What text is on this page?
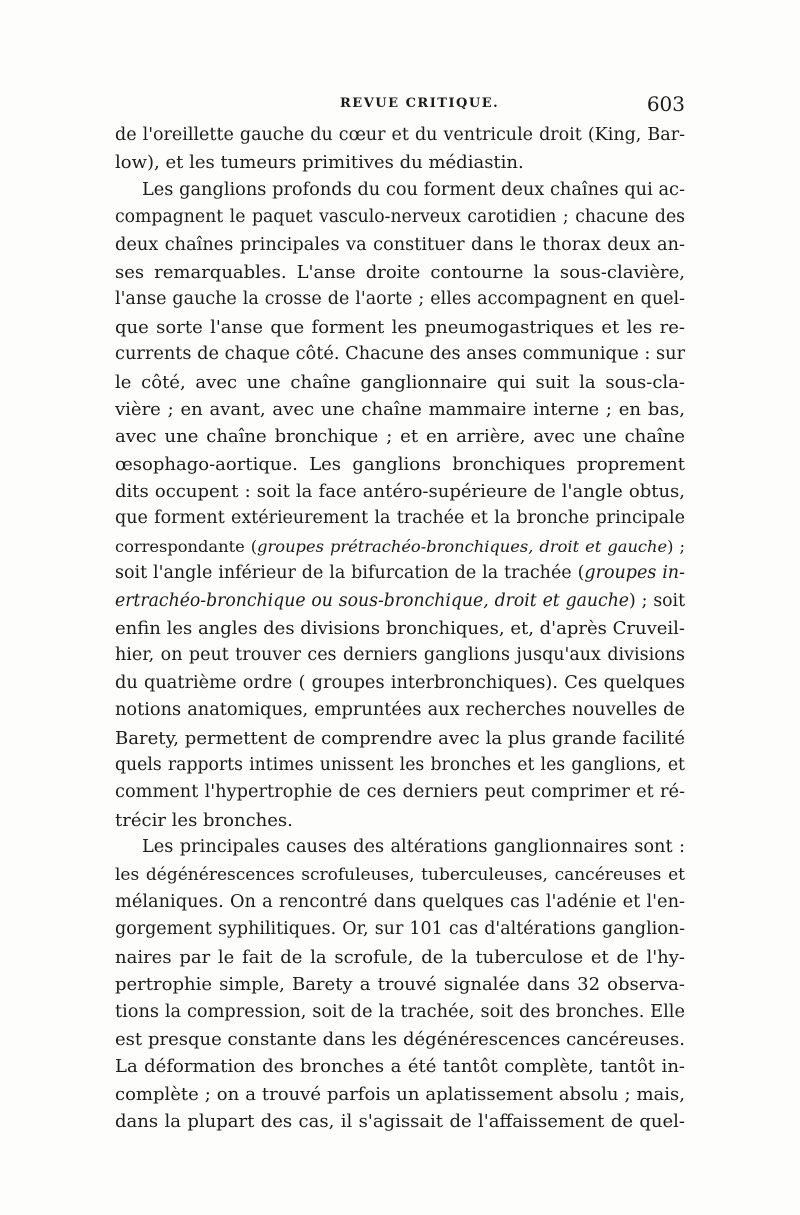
REVUE CRITIQUE.	603
de l'oreillette gauche du cœur et du ventricule droit (King, Bar-
low), et les tumeurs primitives du médiastin.
Les ganglions profonds du cou forment deux chaînes qui ac-
compagnent le paquet vasculo-nerveux carotidien ; chacune des
deux chaînes principales va constituer dans le thorax deux an-
ses remarquables. L'anse droite contourne la sous-clavière,
l'anse gauche la crosse de l'aorte ; elles accompagnent en quel-
que sorte l'anse que forment les pneumogastriques et les re-
currents de chaque côté. Chacune des anses communique : sur
le côté, avec une chaîne ganglionnaire qui suit la sous-cla-
vière ; en avant, avec une chaîne mammaire interne ; en bas,
avec une chaîne bronchique ; et en arrière, avec une chaîne
œsophago-aortique. Les ganglions bronchiques proprement
dits occupent : soit la face antéro-supérieure de l'angle obtus,
que forment extérieurement la trachée et la bronche principale
correspondante (groupes prétrachéo-bronchiques, droit et gauche) ;
soit l'angle inférieur de la bifurcation de la trachée (groupes in-
ertrachéo-bronchique ou sous-bronchique, droit et gauche) ; soit
enfin les angles des divisions bronchiques, et, d'après Cruveil-
hier, on peut trouver ces derniers ganglions jusqu'aux divisions
du quatrième ordre ( groupes interbronchiques). Ces quelques
notions anatomiques, empruntées aux recherches nouvelles de
Barety, permettent de comprendre avec la plus grande facilité
quels rapports intimes unissent les bronches et les ganglions, et
comment l'hypertrophie de ces derniers peut comprimer et ré-
trécir les bronches.
Les principales causes des altérations ganglionnaires sont :
les dégénérescences scrofuleuses, tuberculeuses, cancéreuses et
mélaniques. On a rencontré dans quelques cas l'adénie et l'en-
gorgement syphilitiques. Or, sur 101 cas d'altérations ganglion-
naires par le fait de la scrofule, de la tuberculose et de l'hy-
pertrophie simple, Barety a trouvé signalée dans 32 observa-
tions la compression, soit de la trachée, soit des bronches. Elle
est presque constante dans les dégénérescences cancéreuses.
La déformation des bronches a été tantôt complète, tantôt in-
complète ; on a trouvé parfois un aplatissement absolu ; mais,
dans la plupart des cas, il s'agissait de l'affaissement de quel-
